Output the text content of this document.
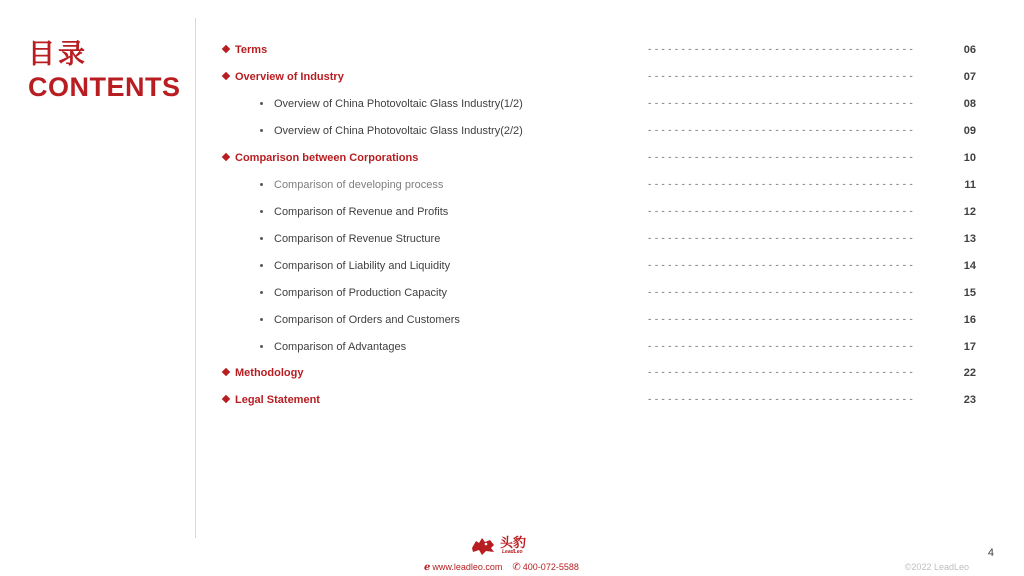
目录
CONTENTS
Terms	----------------------------------------	06
Overview of Industry	----------------------------------------	07
Overview of China Photovoltaic Glass Industry(1/2)	----------------------------------------	08
Overview of China Photovoltaic Glass Industry(2/2)	----------------------------------------	09
Comparison between Corporations	----------------------------------------	10
Comparison of developing process	----------------------------------------	11
Comparison of Revenue and Profits	----------------------------------------	12
Comparison of Revenue Structure	----------------------------------------	13
Comparison of Liability and Liquidity	----------------------------------------	14
Comparison of Production Capacity	----------------------------------------	15
Comparison of Orders and Customers	----------------------------------------	16
Comparison of Advantages	----------------------------------------	17
Methodology	----------------------------------------	22
Legal Statement	----------------------------------------	23
头豹
LeadLeo
ℯ www.leadleo.com ✆ 400-072-5588
4
©2022 LeadLeo
